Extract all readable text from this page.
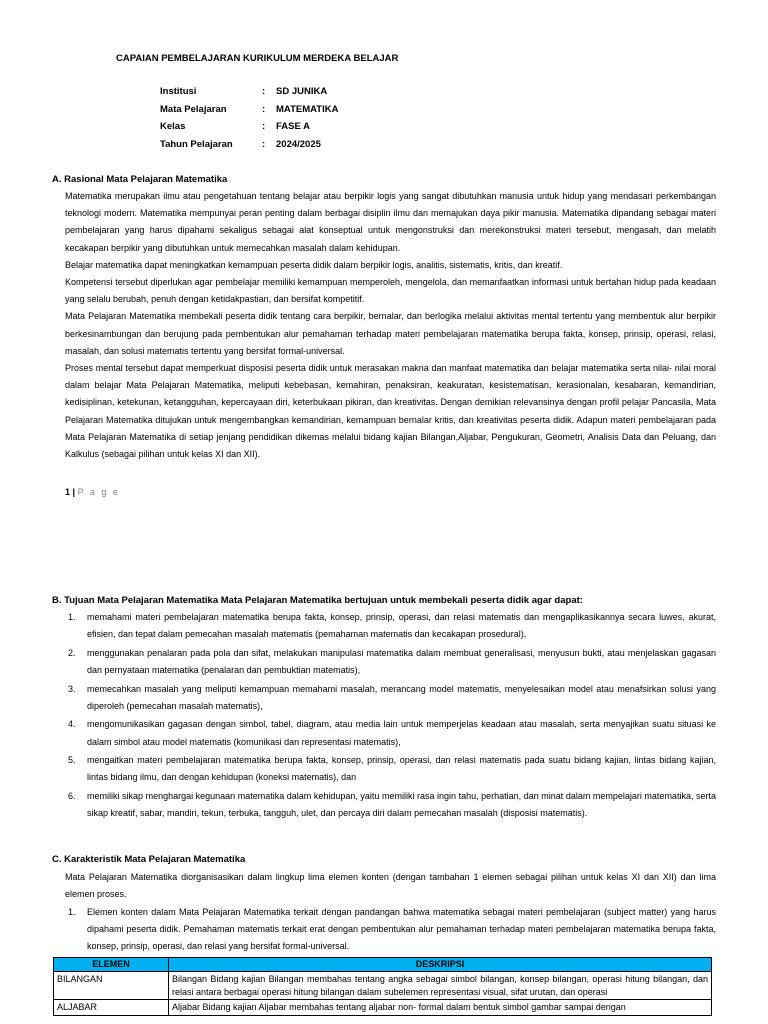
CAPAIAN PEMBELAJARAN KURIKULUM MERDEKA BELAJAR
Institusi	:	SD JUNIKA
Mata Pelajaran	:	MATEMATIKA
Kelas	:	FASE A
Tahun Pelajaran	:	2024/2025
A. Rasional Mata Pelajaran Matematika

Matematika merupakan ilmu atau pengetahuan tentang belajar atau berpikir logis yang sangat dibutuhkan manusia untuk hidup yang mendasari perkembangan teknologi modern. Matematika mempunyai peran penting dalam berbagai disiplin ilmu dan memajukan daya pikir manusia. Matematika dipandang sebagai materi pembelajaran yang harus dipahami sekaligus sebagai alat konseptual untuk mengonstruksi dan merekonstruksi materi tersebut, mengasah, dan melatih kecakapan berpikir yang dibutuhkan untuk memecahkan masalah dalam kehidupan.

Belajar matematika dapat meningkatkan kemampuan peserta didik dalam berpikir logis, analitis, sistematis, kritis, dan kreatif.

Kompetensi tersebut diperlukan agar pembelajar memiliki kemampuan memperoleh, mengelola, dan memanfaatkan informasi untuk bertahan hidup pada keadaan yang selalu berubah, penuh dengan ketidakpastian, dan bersifat kompetitif.

Mata Pelajaran Matematika membekali peserta didik tentang cara berpikir, bernalar, dan berlogika melalui aktivitas mental tertentu yang membentuk alur berpikir berkesinambungan dan berujung pada pembentukan alur pemahaman terhadap materi pembelajaran matematika berupa fakta, konsep, prinsip, operasi, relasi, masalah, dan solusi matematis tertentu yang bersifat formal-universal.

Proses mental tersebut dapat memperkuat disposisi peserta didik untuk merasakan makna dan manfaat matematika dan belajar matematika serta nilai- nilai moral dalam belajar Mata Pelajaran Matematika, meliputi kebebasan, kemahiran, penaksiran, keakuratan, kesistematisan, kerasionalan, kesabaran, kemandirian, kedisiplinan, ketekunan, ketangguhan, kepercayaan diri, keterbukaan pikiran, dan kreativitas. Dengan demikian relevansinya dengan profil pelajar Pancasila, Mata Pelajaran Matematika ditujukan untuk mengembangkan kemandirian, kemampuan bernalar kritis, dan kreativitas peserta didik. Adapun materi pembelajaran pada Mata Pelajaran Matematika di setiap jenjang pendidikan dikemas melalui bidang kajian Bilangan,Aljabar, Pengukuran, Geometri, Analisis Data dan Peluang, dan Kalkulus (sebagai pilihan untuk kelas XI dan XII).

1 | P a g e
B. Tujuan Mata Pelajaran Matematika Mata Pelajaran Matematika bertujuan untuk membekali peserta didik agar dapat:
1.	memahami materi pembelajaran matematika berupa fakta, konsep, prinsip, operasi, dan relasi matematis dan mengaplikasikannya secara luwes, akurat, efisien, dan tepat dalam pemecahan masalah matematis (pemahaman matematis dan kecakapan prosedural),
2.	menggunakan penalaran pada pola dan sifat, melakukan manipulasi matematika dalam membuat generalisasi, menyusun bukti, atau menjelaskan gagasan dan pernyataan matematika (penalaran dan pembuktian matematis),
3.	memecahkan masalah yang meliputi kemampuan memahami masalah, merancang model matematis, menyelesaikan model atau menafsirkan solusi yang diperoleh (pemecahan masalah matematis),
4.	mengomunikasikan gagasan dengan simbol, tabel, diagram, atau media lain untuk memperjelas keadaan atau masalah, serta menyajikan suatu situasi ke dalam simbol atau model matematis (komunikasi dan representasi matematis),
5.	mengaitkan materi pembelajaran matematika berupa fakta, konsep, prinsip, operasi, dan relasi matematis pada suatu bidang kajian, lintas bidang kajian, lintas bidang ilmu, dan dengan kehidupan (koneksi matematis), dan
6.	memiliki sikap menghargai kegunaan matematika dalam kehidupan, yaitu memiliki rasa ingin tahu, perhatian, dan minat dalam mempelajari matematika, serta sikap kreatif, sabar, mandiri, tekun, terbuka, tangguh, ulet, dan percaya diri dalam pemecahan masalah (disposisi matematis).
C. Karakteristik Mata Pelajaran Matematika

Mata Pelajaran Matematika diorganisasikan dalam lingkup lima elemen konten (dengan tambahan 1 elemen sebagai pilihan untuk kelas XI dan XII) dan lima elemen proses.

1.	Elemen konten dalam Mata Pelajaran Matematika terkait dengan pandangan bahwa matematika sebagai materi pembelajaran (subject matter) yang harus dipahami peserta didik. Pemahaman matematis terkait erat dengan pembentukan alur pemahaman terhadap materi pembelajaran matematika berupa fakta, konsep, prinsip, operasi, dan relasi yang bersifat formal-universal.
ELEMEN	DESKRIPSI
BILANGAN	Bilangan Bidang kajian Bilangan membahas tentang angka sebagai simbol bilangan, konsep bilangan, operasi hitung bilangan, dan relasi antara berbagai operasi hitung bilangan dalam subelemen representasi visual, sifat urutan, dan operasi
ALJABAR	Aljabar Bidang kajian Aljabar membahas tentang aljabar non- formal dalam bentuk simbol gambar sampai dengan
